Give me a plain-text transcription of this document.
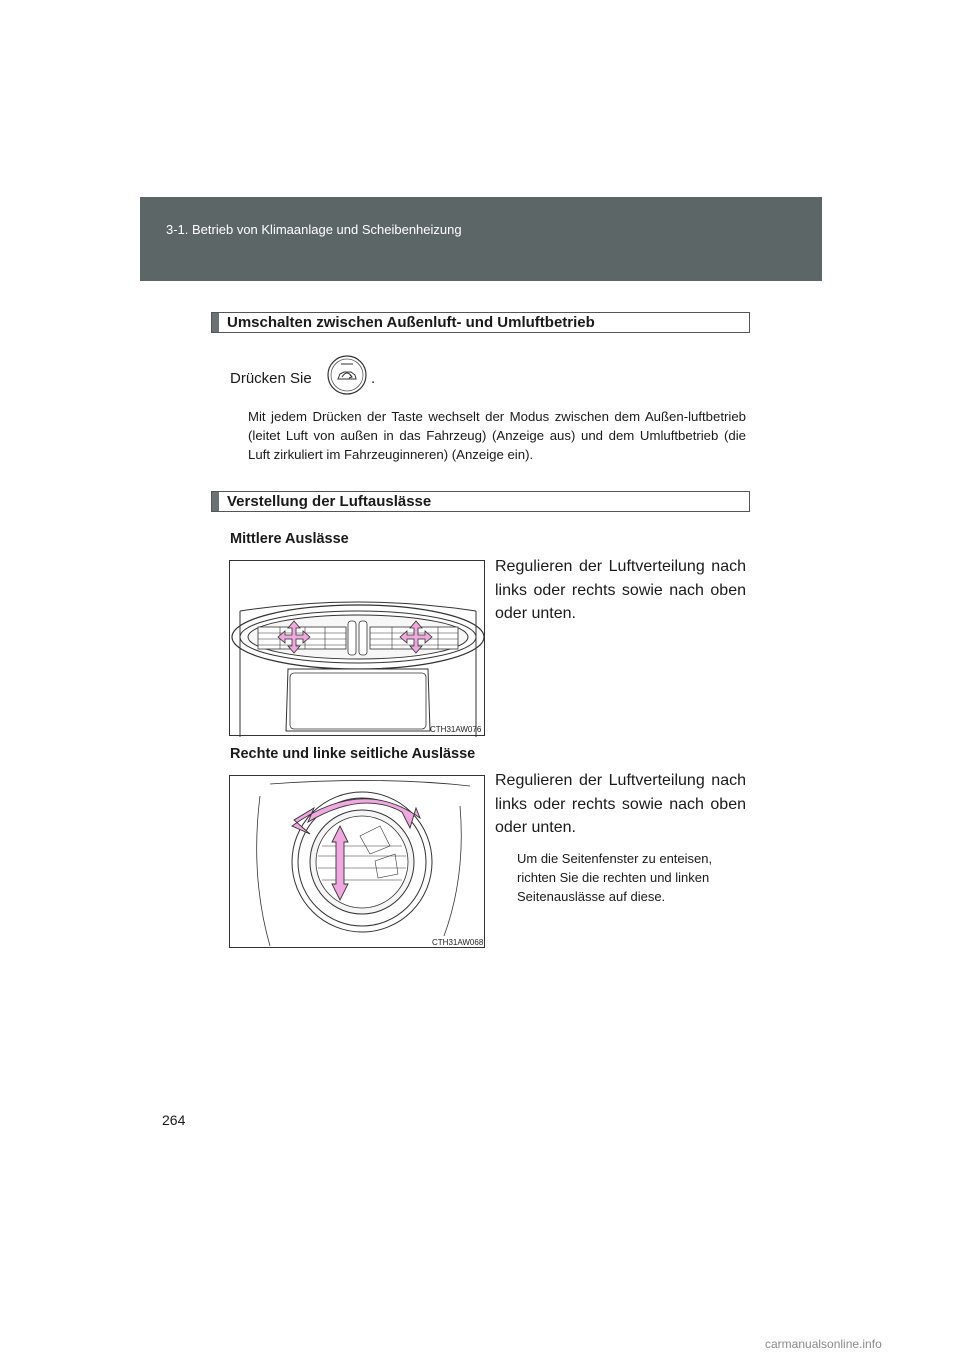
3-1. Betrieb von Klimaanlage und Scheibenheizung
Umschalten zwischen Außenluft- und Umluftbetrieb
Drücken Sie	.
Mit jedem Drücken der Taste wechselt der Modus zwischen dem Außen-luftbetrieb (leitet Luft von außen in das Fahrzeug) (Anzeige aus) und dem Umluftbetrieb (die Luft zirkuliert im Fahrzeuginneren) (Anzeige ein).
Verstellung der Luftauslässe
Mittlere Auslässe
Regulieren der Luftverteilung nach links oder rechts sowie nach oben oder unten.
CTH31AW076
Rechte und linke seitliche Auslässe
Regulieren der Luftverteilung nach links oder rechts sowie nach oben oder unten.
Um die Seitenfenster zu enteisen, richten Sie die rechten und linken Seitenauslässe auf diese.
CTH31AW068
264
carmanualsonline.info
